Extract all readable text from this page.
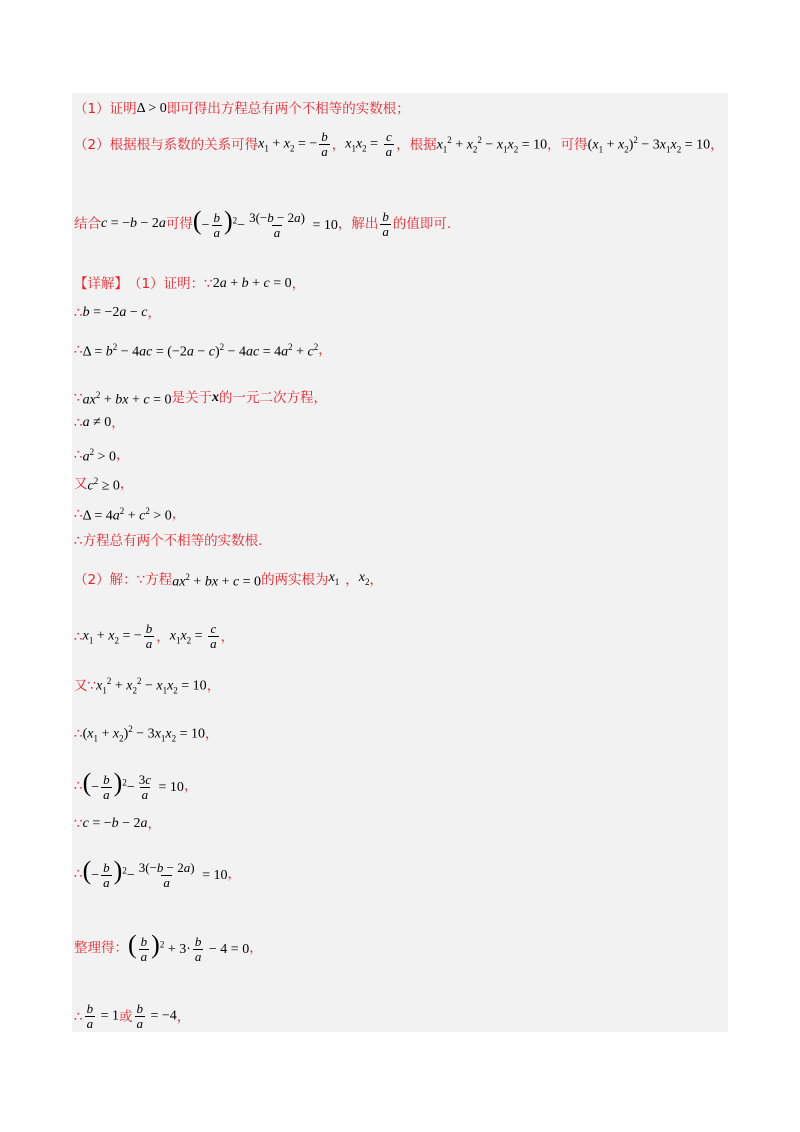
（1）证明 Δ > 0 即可得出方程总有两个不相等的实数根；
（2）根据根与系数的关系可得 $x_1 + x_2$ = − $\frac{b}{a}$ ， $x_1x_2 = \frac{c}{a}$ ，根据 $x_1^2 + x_2^2 - x_1x_2 = 10$ ，可得 $(x_1 + x_2)^2 - 3x_1x_2 = 10$ ，
结合 c = −b − 2a 可得 (− $\frac{b}{a} )^2- \frac{3(-b - 2a)}{a} = 10$ ，解出 $\frac{b}{a}$ 的值即可.
【详解】 （1）证明： ∵ 2a + b + c = 0 ，
∴ b = −2a − c ，
∴ $\Delta = b^2 - 4ac = (-2a - c)^2 - 4ac = 4a^2 + c^2$ ，
∵ $ax^2$ + bx + c = 0 是关于 x 的一元二次方程，
∴ a ≠ 0 ，
∴ $a^2 > 0$ ，
又 $c^2 \ge 0$ ，
∴ $\Delta = 4a^2 + c^2 > 0$ ，
∴ 方程总有两个不相等的实数根.
（2）解： ∵ 方程 $ax^2$ + bx + c = 0 的两实根为 $x_1$ ， $x_2$ ，
∴ $x_1 + x_2$ = − $\frac{b}{a}$ ， $x_1x_2 = \frac{c}{a}$ ，
又 ∵ $x_1^2 + x_2^2 - x_1x_2 = 10$ ，
∴ $(x_1 + x_2)^2 - 3x_1x_2 = 10$ ，
∴ (− $\frac{b}{a} )^2- \frac{3c}{a} = 10$ ，
∵ c = −b − 2a ，
∴ (− $\frac{b}{a} )^2- \frac{3(-b - 2a)}{a} = 10$ ，
整理得： ( $\frac{b}{a} )^2 + 3\cdot \frac{b}{a} - 4 = 0$ ，
∴ $\frac{b}{a} = 1$ 或 $\frac{b}{a} = -4$ ，
